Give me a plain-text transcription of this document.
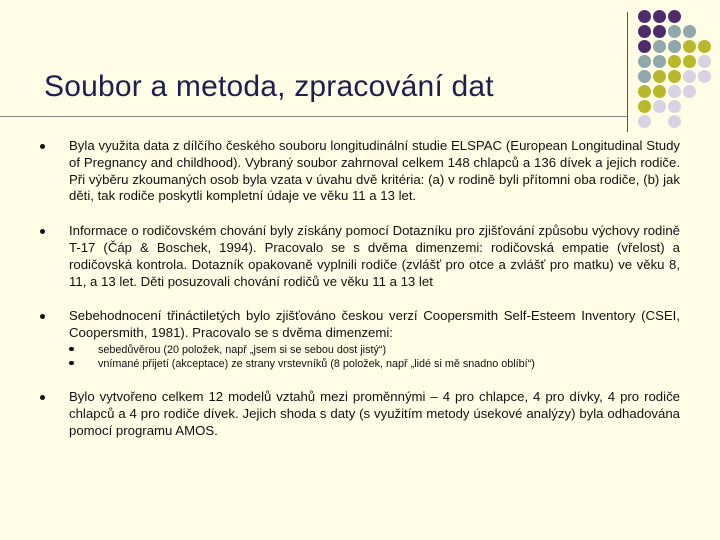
Soubor a metoda, zpracování dat
Byla využita data z dílčího českého souboru longitudinální studie ELSPAC (European Longitudinal Study of Pregnancy and childhood). Vybraný soubor zahrnoval celkem 148 chlapců a 136 dívek a jejich rodiče. Při výběru zkoumaných osob byla vzata v úvahu dvě kritéria: (a) v rodině byli přítomni oba rodiče, (b) jak děti, tak rodiče poskytli kompletní údaje ve věku 11 a 13 let.
Informace o rodičovském chování byly získány pomocí Dotazníku pro zjišťování způsobu výchovy rodině T-17 (Čáp & Boschek, 1994). Pracovalo se s dvěma dimenzemi: rodičovská empatie (vřelost) a rodičovská kontrola. Dotazník opakovaně vyplnili rodiče (zvlášť pro otce a zvlášť pro matku) ve věku 8, 11, a 13 let. Děti posuzovali chování rodičů ve věku 11 a 13 let
Sebehodnocení třináctiletých bylo zjišťováno českou verzí Coopersmith Self-Esteem Inventory (CSEI, Coopersmith, 1981). Pracovalo se s dvěma dimenzemi:
sebedůvěrou (20 položek, např „jsem si se sebou dost jistý“)
vnímané přijetí (akceptace) ze strany vrstevníků (8 položek, např „lidé si mě snadno oblíbí“)
Bylo vytvořeno celkem 12 modelů vztahů mezi proměnnými – 4 pro chlapce, 4 pro dívky, 4 pro rodiče chlapců a 4 pro rodiče dívek. Jejich shoda s daty (s využitím metody úsekové analýzy) byla odhadována pomocí programu AMOS.
